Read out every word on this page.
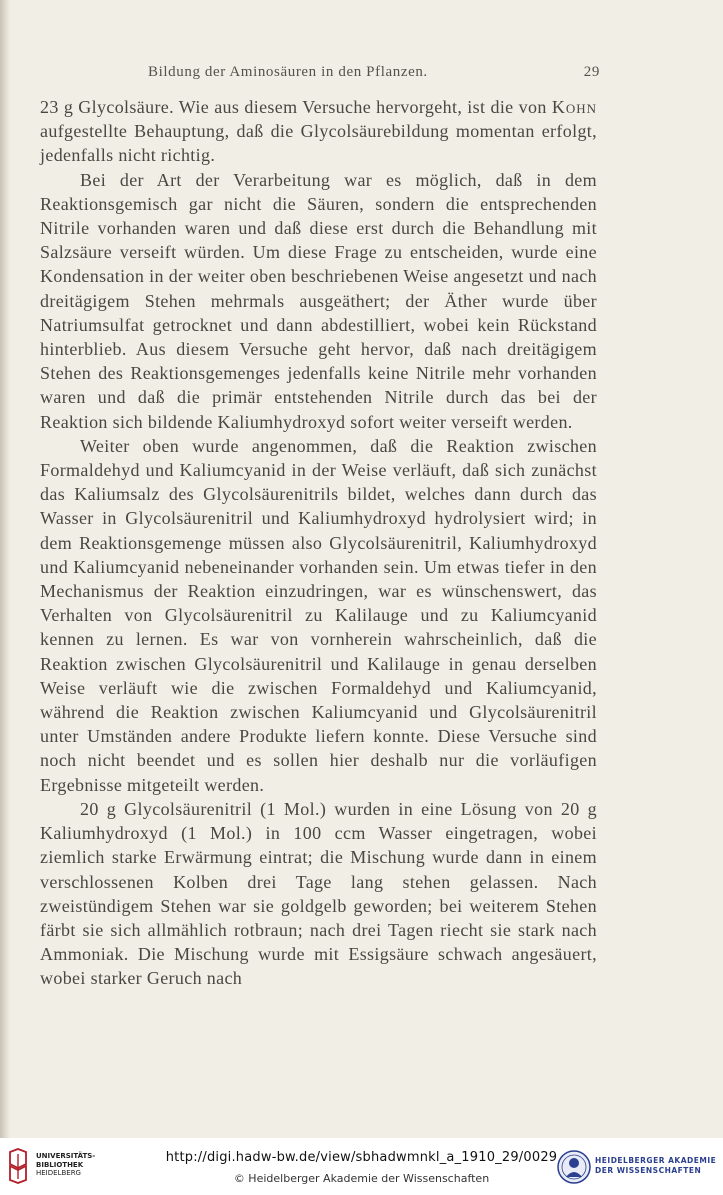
Bildung der Aminosäuren in den Pflanzen.	29

23 g Glycolsäure. Wie aus diesem Versuche hervorgeht, ist die von Kohn aufgestellte Behauptung, daß die Glycolsäurebildung momentan erfolgt, jedenfalls nicht richtig.

Bei der Art der Verarbeitung war es möglich, daß in dem Reaktionsgemisch gar nicht die Säuren, sondern die entsprechenden Nitrile vorhanden waren und daß diese erst durch die Behandlung mit Salzsäure verseift würden. Um diese Frage zu entscheiden, wurde eine Kondensation in der weiter oben beschriebenen Weise angesetzt und nach dreitägigem Stehen mehrmals ausgeäthert; der Äther wurde über Natriumsulfat getrocknet und dann abdestilliert, wobei kein Rückstand hinterblieb. Aus diesem Versuche geht hervor, daß nach dreitägigem Stehen des Reaktionsgemenges jedenfalls keine Nitrile mehr vorhanden waren und daß die primär entstehenden Nitrile durch das bei der Reaktion sich bildende Kaliumhydroxyd sofort weiter verseift werden.

Weiter oben wurde angenommen, daß die Reaktion zwischen Formaldehyd und Kaliumcyanid in der Weise verläuft, daß sich zunächst das Kaliumsalz des Glycolsäurenitrils bildet, welches dann durch das Wasser in Glycolsäurenitril und Kaliumhydroxyd hydrolysiert wird; in dem Reaktionsgemenge müssen also Glycolsäurenitril, Kaliumhydroxyd und Kaliumcyanid nebeneinander vorhanden sein. Um etwas tiefer in den Mechanismus der Reaktion einzudringen, war es wünschenswert, das Verhalten von Glycolsäurenitril zu Kalilauge und zu Kaliumcyanid kennen zu lernen. Es war von vornherein wahrscheinlich, daß die Reaktion zwischen Glycolsäurenitril und Kalilauge in genau derselben Weise verläuft wie die zwischen Formaldehyd und Kaliumcyanid, während die Reaktion zwischen Kaliumcyanid und Glycolsäurenitril unter Umständen andere Produkte liefern konnte. Diese Versuche sind noch nicht beendet und es sollen hier deshalb nur die vorläufigen Ergebnisse mitgeteilt werden.

20 g Glycolsäurenitril (1 Mol.) wurden in eine Lösung von 20 g Kaliumhydroxyd (1 Mol.) in 100 ccm Wasser eingetragen, wobei ziemlich starke Erwärmung eintrat; die Mischung wurde dann in einem verschlossenen Kolben drei Tage lang stehen gelassen. Nach zweistündigem Stehen war sie goldgelb geworden; bei weiterem Stehen färbt sie sich allmählich rotbraun; nach drei Tagen riecht sie stark nach Ammoniak. Die Mischung wurde mit Essigsäure schwach angesäuert, wobei starker Geruch nach

UNIVERSITÄTS-
BIBLIOTHEK
HEIDELBERG
http://digi.hadw-bw.de/view/sbhadwmnkl_a_1910_29/0029
© Heidelberger Akademie der Wissenschaften
HEIDELBERGER AKADEMIE
DER WISSENSCHAFTEN
